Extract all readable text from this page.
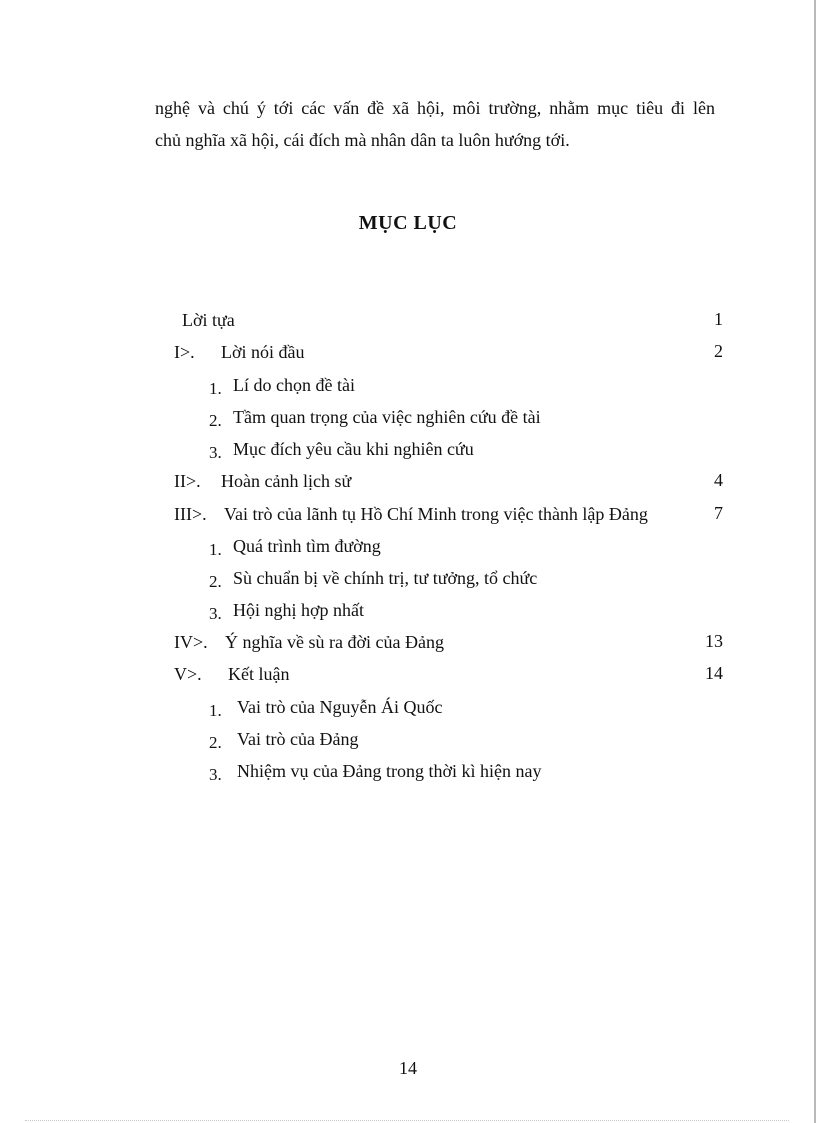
nghệ và chú ý tới các vấn đề xã hội, môi trường, nhằm mục tiêu đi lên
chủ nghĩa xã hội, cái đích mà nhân dân ta luôn hướng tới.
MỤC LỤC
Lời tựa	1
I>. Lời nói đầu	2
1. Lí do chọn đề tài
2. Tầm quan trọng của việc nghiên cứu đề tài
3. Mục đích yêu cầu khi nghiên cứu
II>. Hoàn cảnh lịch sử	4
III>. Vai trò của lãnh tụ Hồ Chí Minh trong việc thành lập Đảng	7
1. Quá trình tìm đường
2. Sù chuẩn bị về chính trị, tư tưởng, tổ chức
3. Hội nghị hợp nhất
IV>. Ý nghĩa về sù ra đời của Đảng	13
V>. Kết luận	14
1. Vai trò của Nguyễn Ái Quốc
2. Vai trò của Đảng
3. Nhiệm vụ của Đảng trong thời kì hiện nay
14
